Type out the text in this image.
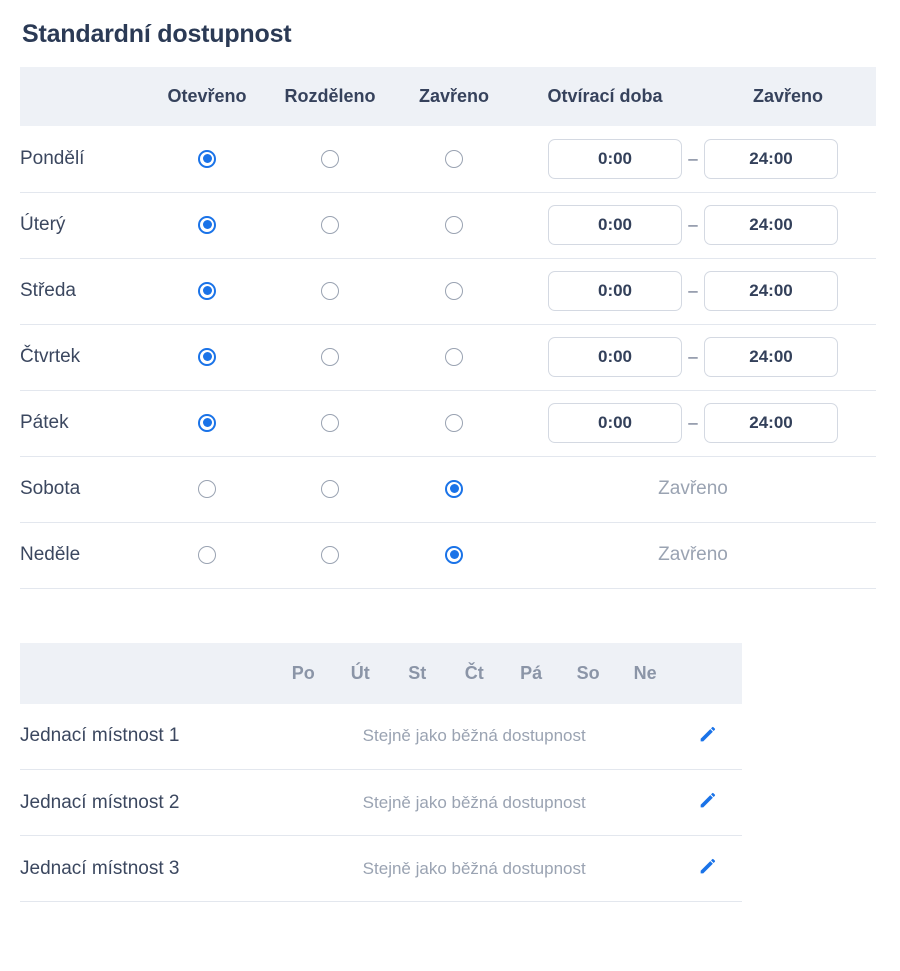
Standardní dostupnost
	Otevřeno	Rozděleno	Zavřeno	Otvírací doba	Zavřeno
Pondělí				0:00 – 24:00	
Úterý				0:00 – 24:00	
Středa				0:00 – 24:00	
Čtvrtek				0:00 – 24:00	
Pátek				0:00 – 24:00	
Sobota				Zavřeno	
Neděle				Zavřeno	
	Po	Út	St	Čt	Pá	So	Ne	
Jednací místnost 1	Stejně jako běžná dostupnost	
Jednací místnost 2	Stejně jako běžná dostupnost	
Jednací místnost 3	Stejně jako běžná dostupnost	
